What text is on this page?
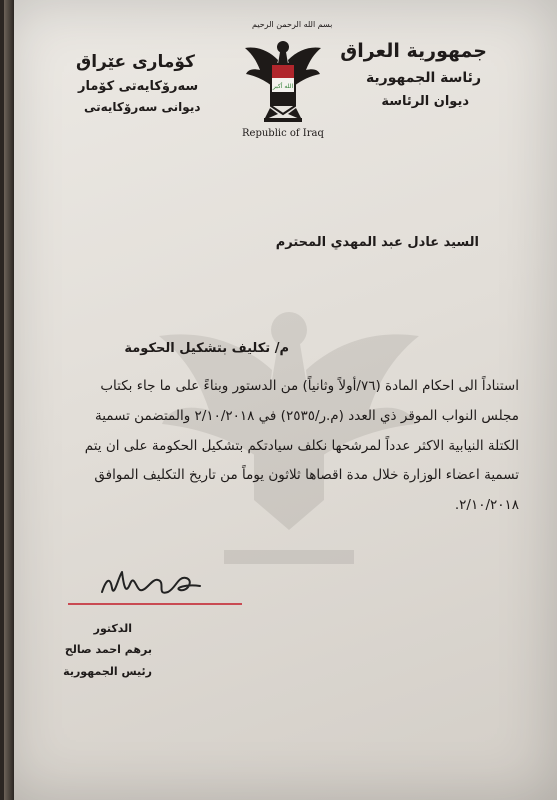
جمهورية العراق
رئاسة الجمهورية
ديوان الرئاسة
كۆماری عێراق
سەرۆکایەتی کۆمار
دیوانی سەرۆکایەتی
بسم الله الرحمن الرحيم
الله أكبر
Republic of Iraq
السيد عادل عبد المهدي المحترم
م/ تكليف بتشكيل الحكومة
استناداً الى احكام المادة (٧٦/أولاً وثانياً) من الدستور وبناءً على ما جاء بكتاب
مجلس النواب الموقر ذي العدد (م.ر/٢٥٣٥) في ٢/١٠/٢٠١٨ والمتضمن تسمية
الكتلة النيابية الاكثر عدداً لمرشحها نكلف سيادتكم بتشكيل الحكومة على ان يتم
تسمية اعضاء الوزارة خلال مدة اقصاها ثلاثون يوماً من تاريخ التكليف الموافق
٢/١٠/٢٠١٨.
الدكتور
برهم احمد صالح
رئيس الجمهورية
